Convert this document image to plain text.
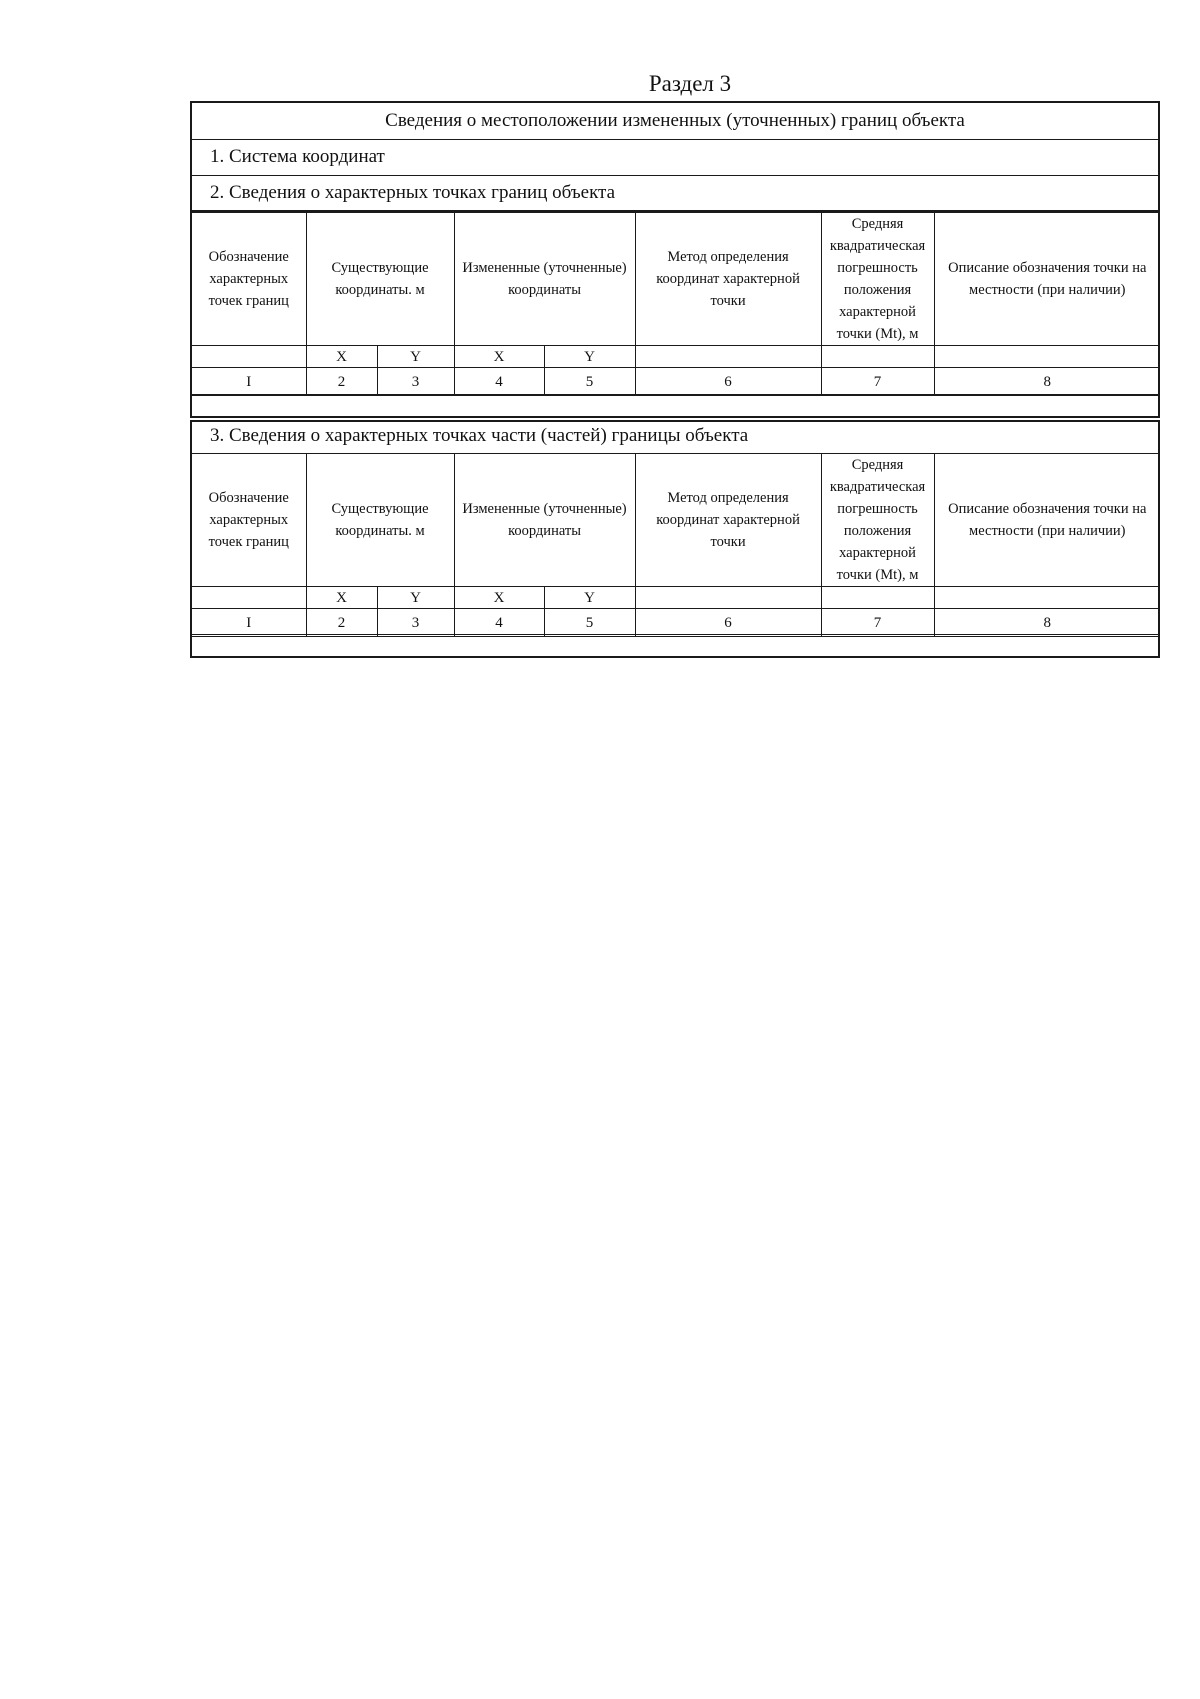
Раздел 3
Сведения о местоположении измененных (уточненных) границ объекта
1. Система координат
2. Сведения о характерных точках границ объекта
Обозначение характерных точек границ	Существующие координаты. м		Измененные (уточненные) координаты		Метод определения координат характерной точки	Средняя квадратическая погрешность положения характерной точки (Mt), м	Описание обозначения точки на местности (при наличии)
	X	Y	X	Y			
I	2	3	4	5	6	7	8
3. Сведения о характерных точках части (частей) границы объекта
Обозначение характерных точек границ	Существующие координаты. м		Измененные (уточненные) координаты		Метод определения координат характерной точки	Средняя квадратическая погрешность положения характерной точки (Mt), м	Описание обозначения точки на местности (при наличии)
	X	Y	X	Y			
I	2	3	4	5	6	7	8
